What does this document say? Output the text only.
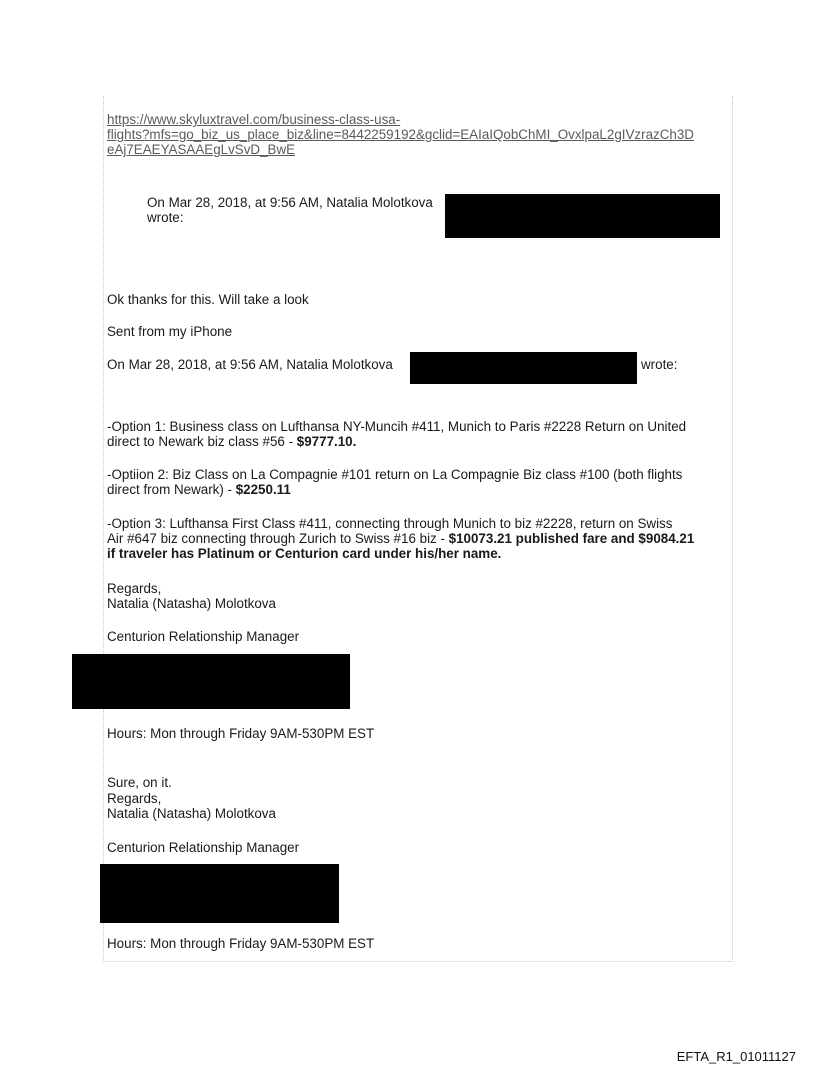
https://www.skyluxtravel.com/business-class-usa-
flights?mfs=go_biz_us_place_biz&line=8442259192&gclid=EAIaIQobChMI_OvxlpaL2gIVzrazCh3D
eAj7EAEYASAAEgLvSvD_BwE
On Mar 28, 2018, at 9:56 AM, Natalia Molotkova
wrote:
Ok thanks for this. Will take a look
Sent from my iPhone
On Mar 28, 2018, at 9:56 AM, Natalia Molotkova	wrote:
-Option 1: Business class on Lufthansa NY-Muncih #411, Munich to Paris #2228 Return on United
direct to Newark biz class #56 - $9777.10.
-Optiion 2: Biz Class on La Compagnie #101 return on La Compagnie Biz class #100 (both flights
direct from Newark) - $2250.11
-Option 3: Lufthansa First Class #411, connecting through Munich to biz #2228, return on Swiss
Air #647 biz connecting through Zurich to Swiss #16 biz - $10073.21 published fare and $9084.21
if traveler has Platinum or Centurion card under his/her name.
Regards,
Natalia (Natasha) Molotkova
Centurion Relationship Manager
Hours: Mon through Friday 9AM-530PM EST
Sure, on it.
Regards,
Natalia (Natasha) Molotkova
Centurion Relationship Manager
Hours: Mon through Friday 9AM-530PM EST
EFTA_R1_01011127
